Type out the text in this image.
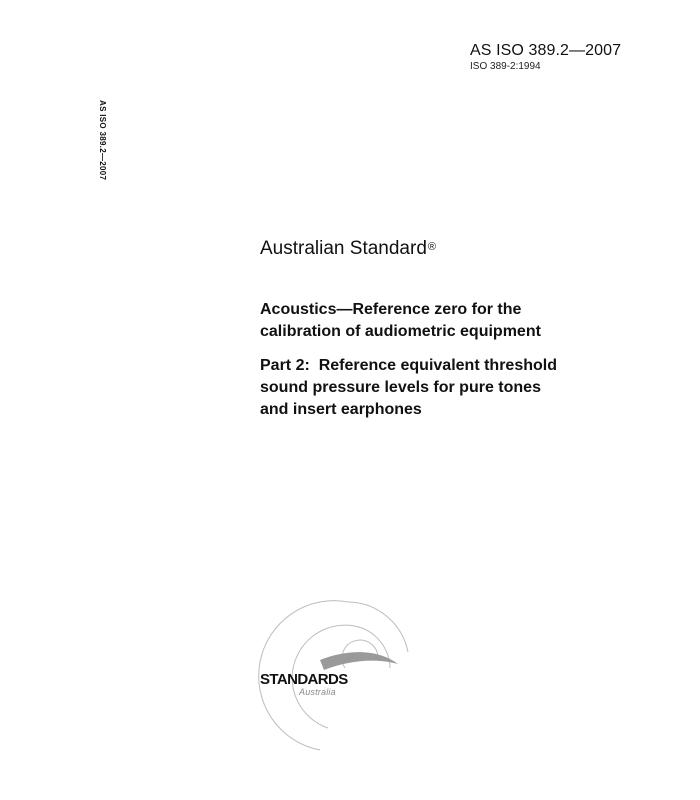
AS ISO 389.2—2007
ISO 389-2:1994
AS ISO 389.2—2007
Australian Standard®
Acoustics—Reference zero for the
calibration of audiometric equipment
Part 2:  Reference equivalent threshold
sound pressure levels for pure tones
and insert earphones
STANDARDS
Australia
